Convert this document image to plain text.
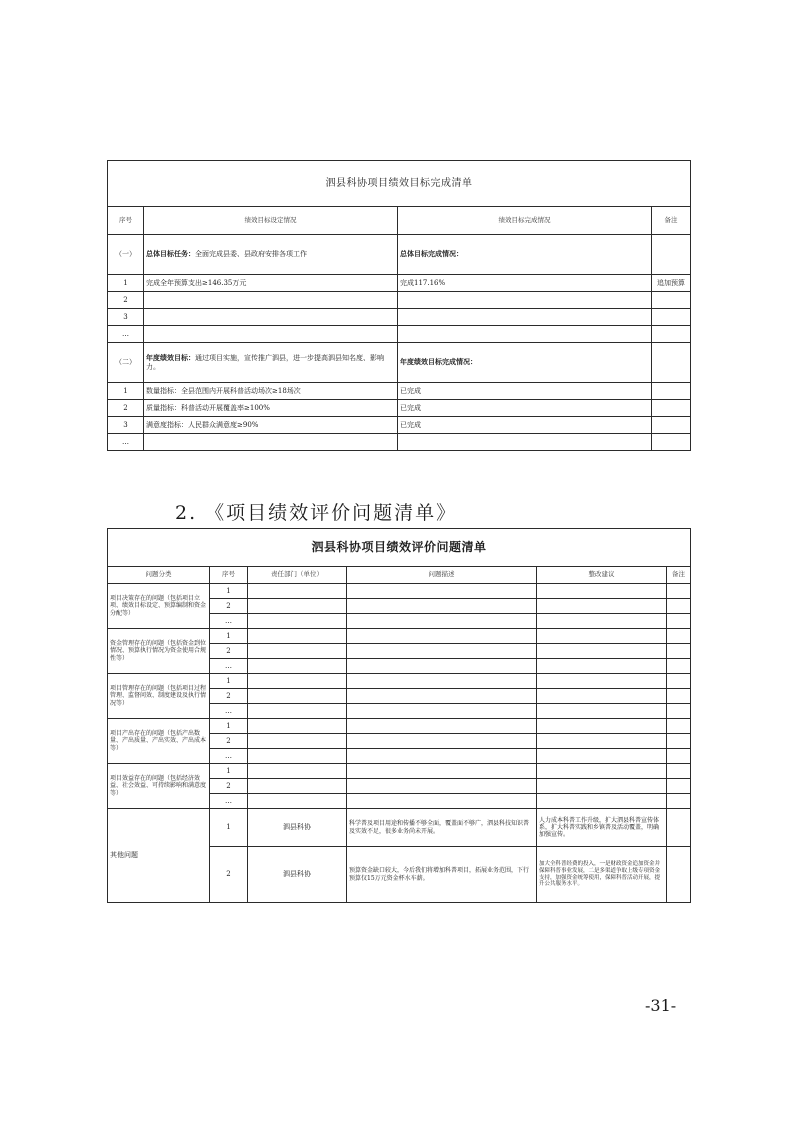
泗县科协项目绩效目标完成清单			
序号	绩效目标设定情况	绩效目标完成情况	备注
（一）	总体目标任务：全面完成县委、县政府安排各项工作	总体目标完成情况：	
1	完成全年预算支出≥146.35万元	完成117.16%	追加预算
2			
3			
…			
（二）	年度绩效目标：通过项目实施，宣传推广泗县，进一步提高泗县知名度、影响力。	年度绩效目标完成情况：	
1	数量指标：全县范围内开展科普活动场次≥18场次	已完成	
2	质量指标：科普活动开展覆盖率≥100%	已完成	
3	满意度指标：人民群众满意度≥90%	已完成	
…			
2. 《项目绩效评价问题清单》
泗县科协项目绩效评价问题清单					
问题分类	序号	责任部门（单位）	问题描述	整改建议	备注
项目决策存在的问题（包括项目立项、绩效目标设定、预算编制和资金分配等）	1				
	2				
	…				
资金管理存在的问题（包括资金到位情况、预算执行情况为资金使用合规性等）	1				
	2				
	…				
项目管理存在的问题（包括项目过程管理、监督问效、制度建设及执行情况等）	1				
	2				
	…				
项目产出存在的问题（包括产出数量、产出质量、产出实效、产出成本等）	1				
	2				
	…				
项目效益存在的问题（包括经济效益、社会效益、可持续影响和满意度等）	1				
	2				
	…				
其他问题	1	泗县科协	科学普及项目用途和传播不够全面，覆盖面不够广，泗县科技知识普及实效不足，很多业务尚未开展。	人力成本科普工作升级，扩大泗县科普宣传体系，扩大科普实践和乡镇普及活动覆盖，明确加强宣传。	
	2	泗县科协	预算资金缺口较大，今后我们将增加科普项目，拓展业务范围，下行预算仅15万元资金杯水车薪。	加大全科普经费的投入，一是财政资金追加资金并保障科普事业发展，二是多渠道争取上级专项资金支持，加强资金统筹使用，保障科普活动开展，提升公共服务水平。	
-31-
